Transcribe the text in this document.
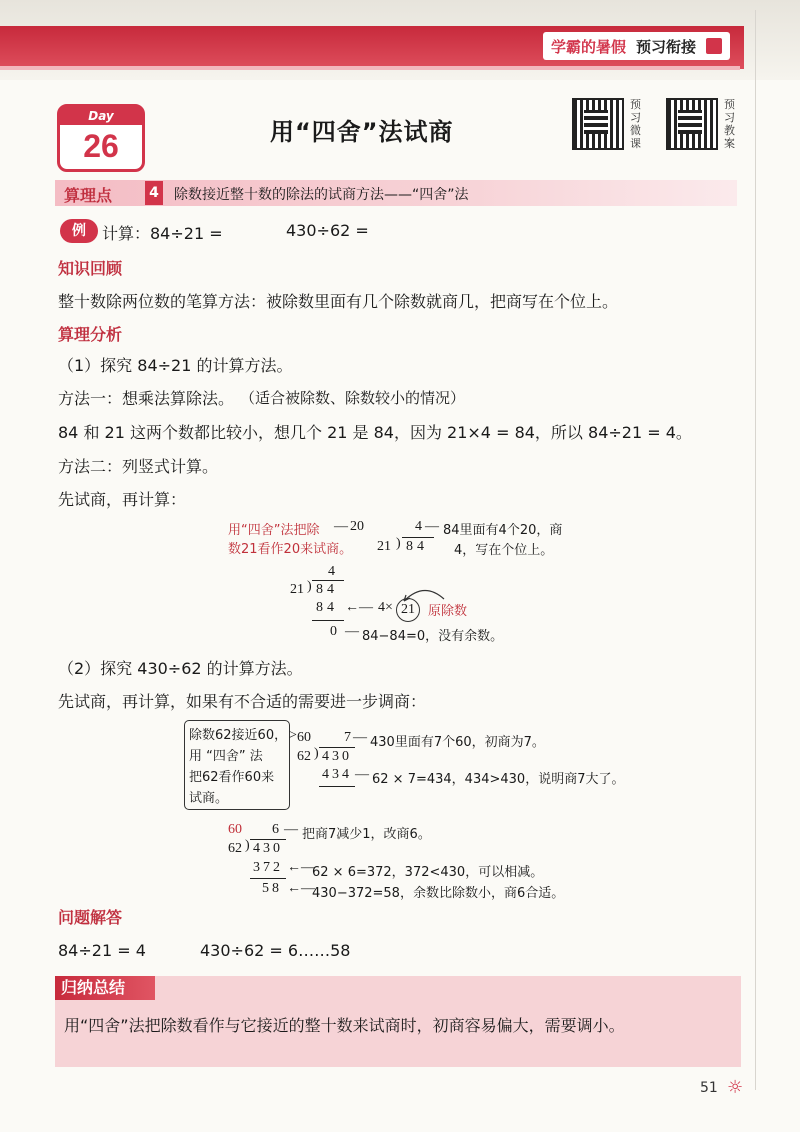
学霸的暑假 预习衔接
Day
26	用“四舍”法试商
预习微课
预习教案
算理点	4 除数接近整十数的除法的试商方法——“四舍”法
例	计算：84÷21 =	430÷62 =
知识回顾
整十数除两位数的笔算方法：被除数里面有几个除数就商几，把商写在个位上。
算理分析
（1）探究 84÷21 的计算方法。
方法一：想乘法算除法。 （适合被除数、除数较小的情况）
84 和 21 这两个数都比较小，想几个 21 是 84，因为 21×4 = 84，所以 84÷21 = 4。
方法二：列竖式计算。
先试商，再计算：
用“四舍”法把除
数21看作20来试商。
— 20	4 —
21 ) 84
84里面有4个20，商
4，写在个位上。
4
21 ) 84
84 ←— 4× 21	原除数
0 — 84−84=0，没有余数。
（2）探究 430÷62 的计算方法。
先试商，再计算，如果有不合适的需要进一步调商：
除数62接近60，
用 “四舍” 法
把62看作60来
试商。
> 60 7 — 430里面有7个60，初商为7。
62 ) 430
434 — 62 × 7=434，434>430，说明商7大了。
60 6 — 把商7减少1，改商6。
62 ) 430
372 ←—
62 × 6=372，372<430，可以相减。
58 ←—
430−372=58，余数比除数小，商6合适。
问题解答
84÷21 = 4	430÷62 = 6……58
归纳总结
用“四舍”法把除数看作与它接近的整十数来试商时，初商容易偏大，需要调小。
51 ☼
